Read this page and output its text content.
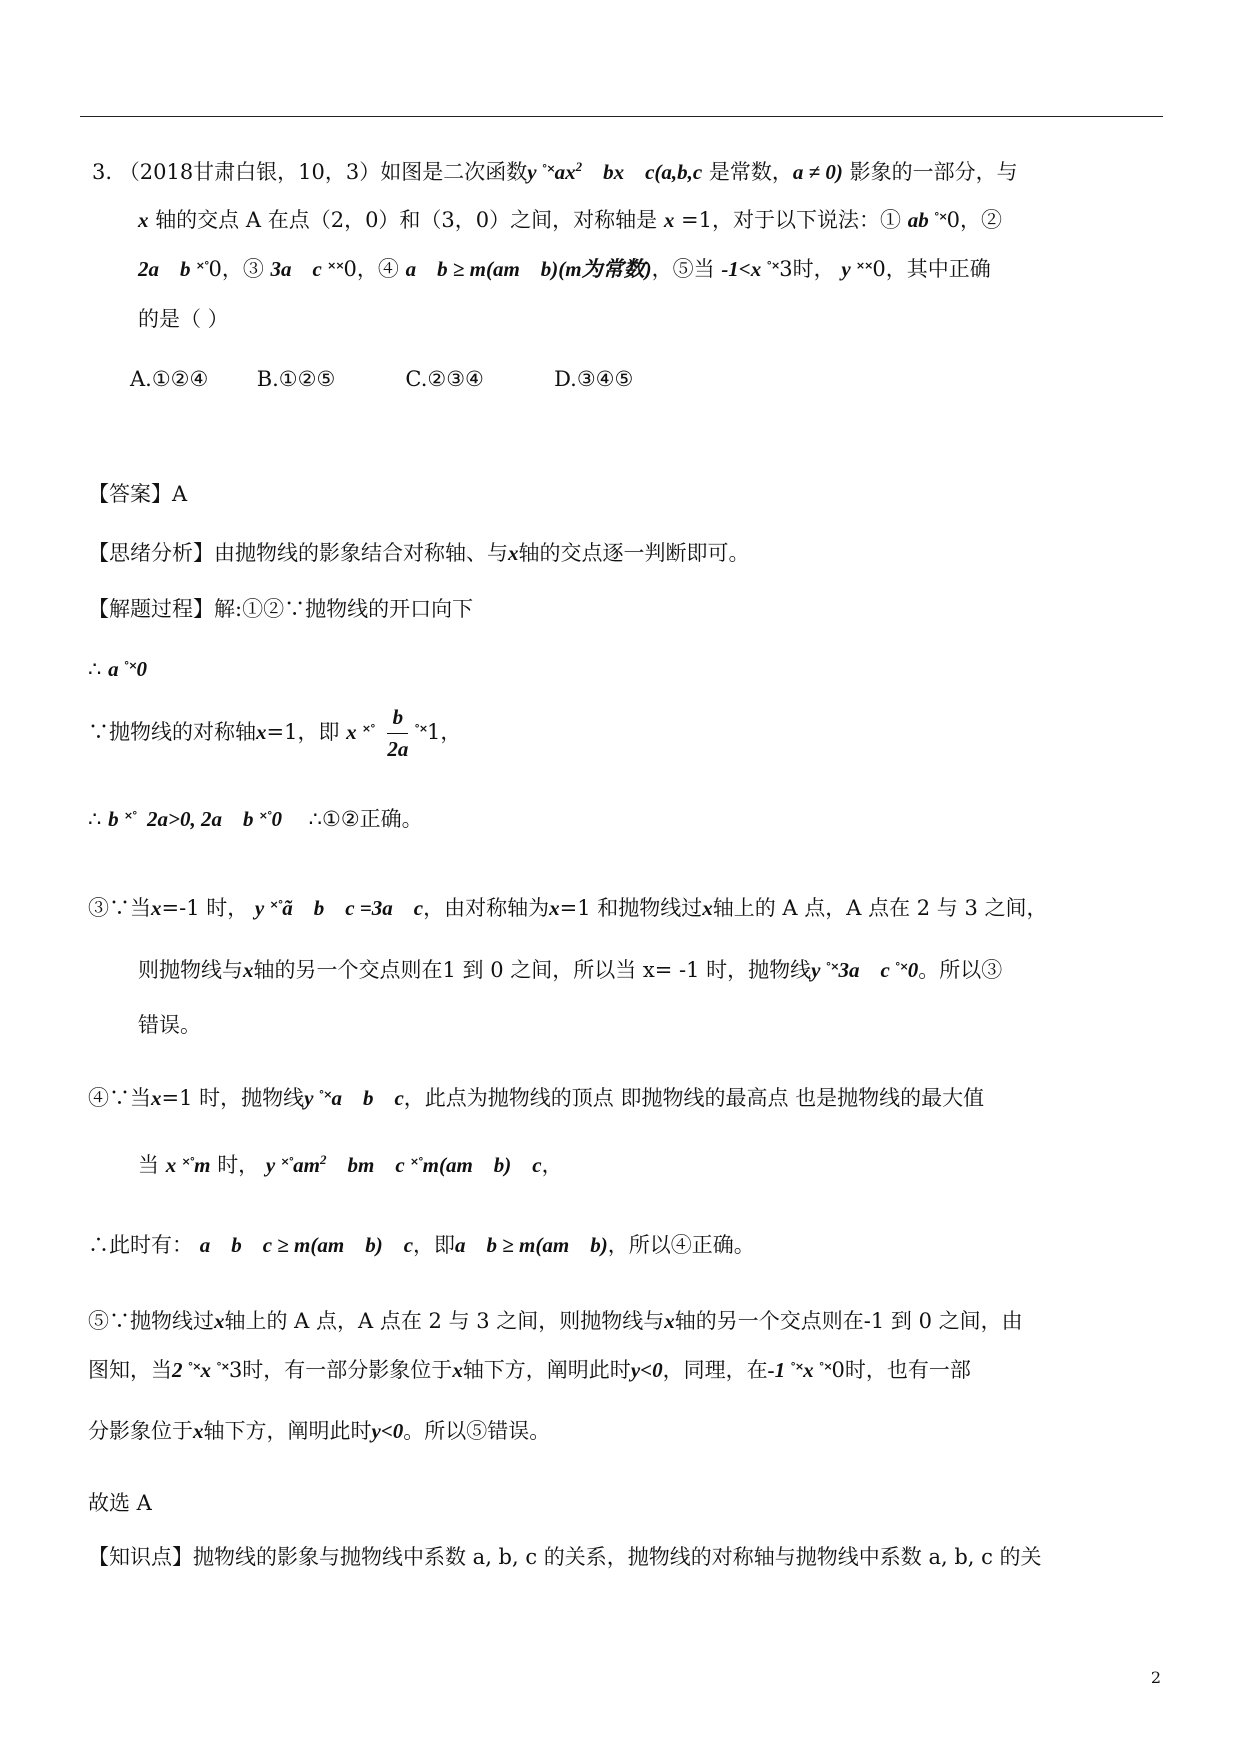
3. （2018甘肃白银，10，3）如图是二次函数y $^{^\circ\times}ax^2$    bx    c(a,b,c 是常数，a ≠ 0) 影象的一部分，与
x 轴的交点 A 在点（2，0）和（3，0）之间，对称轴是 x =1，对于以下说法：① ab °×0，②
2a    b ×°0，③ 3a    c ××0，④ a    b ≥ m(am    b)(m为常数)，⑤当 -1<x °×3时， y ××0，其中正确
的是（ ）
A.①②④ B.①②⑤	C.②③④	D.③④⑤
【答案】A
【思绪分析】由抛物线的影象结合对称轴、与x轴的交点逐一判断即可。
【解题过程】解:①②∵抛物线的开口向下
∴ a °×0
∵抛物线的对称轴x=1，即 x $^{\times^\circ} \frac{b}{2a} ^{^\circ\times}1$，
∴ b ×° 2a>0, 2a    b ×°0 ∴①②正确。
③∵当x=-1 时， y ×°ã    b    c =3a    c，由对称轴为x=1 和抛物线过x轴上的 A 点，A 点在 2 与 3 之间，
则抛物线与x轴的另一个交点则在1 到 0 之间，所以当 x= -1 时，抛物线y °×3a    c °×0。所以③
错误。
④∵当x=1 时，抛物线y °×a    b    c，此点为抛物线的顶点 即抛物线的最高点 也是抛物线的最大值
当 x ×°m 时， y $^{\times^\circ}am^2$    bm    c ×°m(am    b)    c，
∴此时有： a    b    c ≥ m(am    b)    c，即a    b ≥ m(am    b)，所以④正确。
⑤∵抛物线过x轴上的 A 点，A 点在 2 与 3 之间，则抛物线与x轴的另一个交点则在-1 到 0 之间，由
图知，当2 °×x °×3时，有一部分影象位于x轴下方，阐明此时y<0，同理，在-1 °×x °×0时，也有一部
分影象位于x轴下方，阐明此时y<0。所以⑤错误。
故选 A
【知识点】抛物线的影象与抛物线中系数 a, b, c 的关系，抛物线的对称轴与抛物线中系数 a, b, c 的关
2
